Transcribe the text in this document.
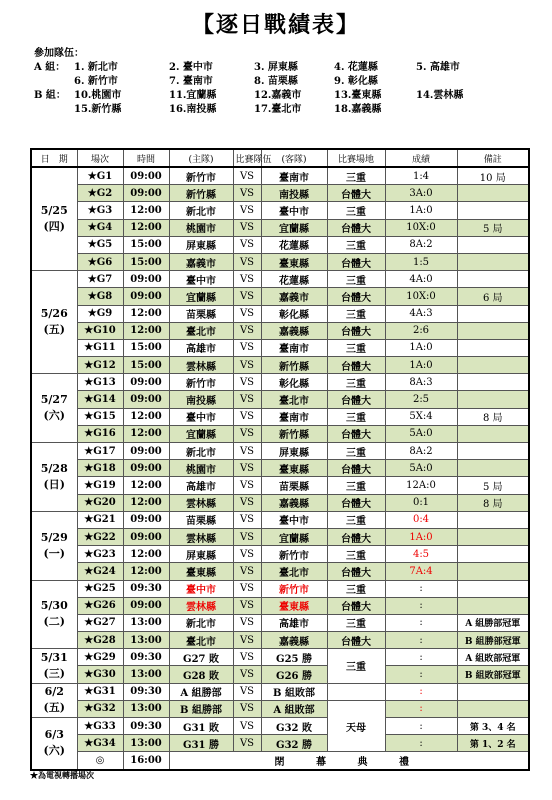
【逐日戰績表】
參加隊伍：
A 組： 1. 新北市	2. 臺中市	3. 屏東縣	4. 花蓮縣	5. 高雄市
6. 新竹市	7. 臺南市	8. 苗栗縣	9. 彰化縣
B 組： 10.桃園市	11.宜蘭縣	12.嘉義市	13.臺東縣	14.雲林縣
15.新竹縣	16.南投縣	17.臺北市	18.嘉義縣
日　期	場次	時間	(主隊)	比賽隊伍	(客隊)	比賽場地	成績	備註

5/25
(四)	★G1	09:00	新竹市	VS	臺南市	三重	1:4	10 局
	★G2	09:00	新竹縣	VS	南投縣	台體大	3A:0	
	★G3	12:00	新北市	VS	臺中市	三重	1A:0	
	★G4	12:00	桃園市	VS	宜蘭縣	台體大	10X:0	5 局
	★G5	15:00	屏東縣	VS	花蓮縣	三重	8A:2	
	★G6	15:00	嘉義市	VS	臺東縣	台體大	1:5	

5/26
(五)	★G7	09:00	臺中市	VS	花蓮縣	三重	4A:0	
	★G8	09:00	宜蘭縣	VS	嘉義市	台體大	10X:0	6 局
	★G9	12:00	苗栗縣	VS	彰化縣	三重	4A:3	
	★G10	12:00	臺北市	VS	嘉義縣	台體大	2:6	
	★G11	15:00	高雄市	VS	臺南市	三重	1A:0	
	★G12	15:00	雲林縣	VS	新竹縣	台體大	1A:0	

5/27
(六)	★G13	09:00	新竹市	VS	彰化縣	三重	8A:3	
	★G14	09:00	南投縣	VS	臺北市	台體大	2:5	
	★G15	12:00	臺中市	VS	臺南市	三重	5X:4	8 局
	★G16	12:00	宜蘭縣	VS	新竹縣	台體大	5A:0	

5/28
(日)	★G17	09:00	新北市	VS	屏東縣	三重	8A:2	
	★G18	09:00	桃園市	VS	臺東縣	台體大	5A:0	
	★G19	12:00	高雄市	VS	苗栗縣	三重	12A:0	5 局
	★G20	12:00	雲林縣	VS	嘉義縣	台體大	0:1	8 局

5/29
(一)	★G21	09:00	苗栗縣	VS	臺中市	三重	0:4	
	★G22	09:00	雲林縣	VS	宜蘭縣	台體大	1A:0	
	★G23	12:00	屏東縣	VS	新竹市	三重	4:5	
	★G24	12:00	臺東縣	VS	臺北市	台體大	7A:4	

5/30
(二)	★G25	09:30	臺中市	VS	新竹市	三重	:	
	★G26	09:00	雲林縣	VS	臺東縣	台體大	:	
	★G27	13:00	新北市	VS	高雄市	三重	:	A 組勝部冠軍
	★G28	13:00	臺北市	VS	嘉義縣	台體大	:	B 組勝部冠軍

5/31
(三)	★G29	09:30	G27 敗	VS	G25 勝	三重	:	A 組敗部冠軍
	★G30	13:00	G28 敗	VS	G26 勝		:	B 組敗部冠軍

6/2
(五)	★G31	09:30	A 組勝部	VS	B 組敗部		:	
	★G32	13:00	B 組勝部	VS	A 組敗部	天母	:	

6/3
(六)	★G33	09:30	G31 敗	VS	G32 敗		:	第 3、4 名
	★G34	13:00	G31 勝	VS	G32 勝		:	第 1、2 名
	◎	16:00	閉 幕 典 禮					
★為電視轉播場次
